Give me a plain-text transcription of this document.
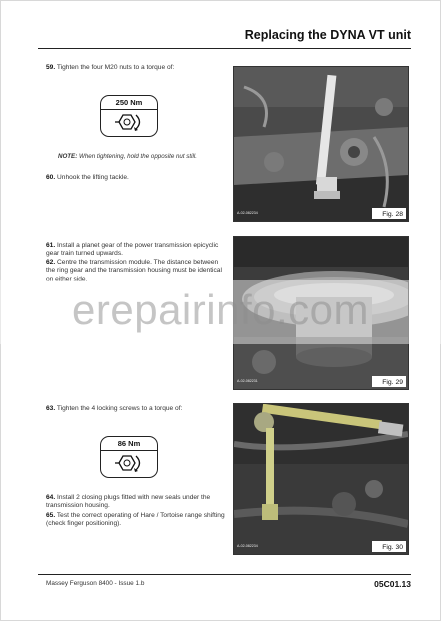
Replacing the DYNA VT unit
59. Tighten the four M20 nuts to a torque of:
250 Nm
NOTE: When tightening, hold the opposite nut still.
60. Unhook the lifting tackle.
61. Install a planet gear of the power transmission epicyclic gear train turned upwards.
62. Centre the transmission module. The distance between the ring gear and the transmission housing must be identical on either side.
63. Tighten the 4 locking screws to a torque of:
86 Nm
64. Install 2 closing plugs fitted with new seals under the transmission housing.
65. Test the correct operating of Hare / Tortoise range shifting (check finger positioning).
A-02-082234	Fig. 28
A-02-082231	Fig. 29
A-02-082234	Fig. 30
erepairinfo.com
Massey Ferguson 8400 - Issue 1.b	05C01.13
